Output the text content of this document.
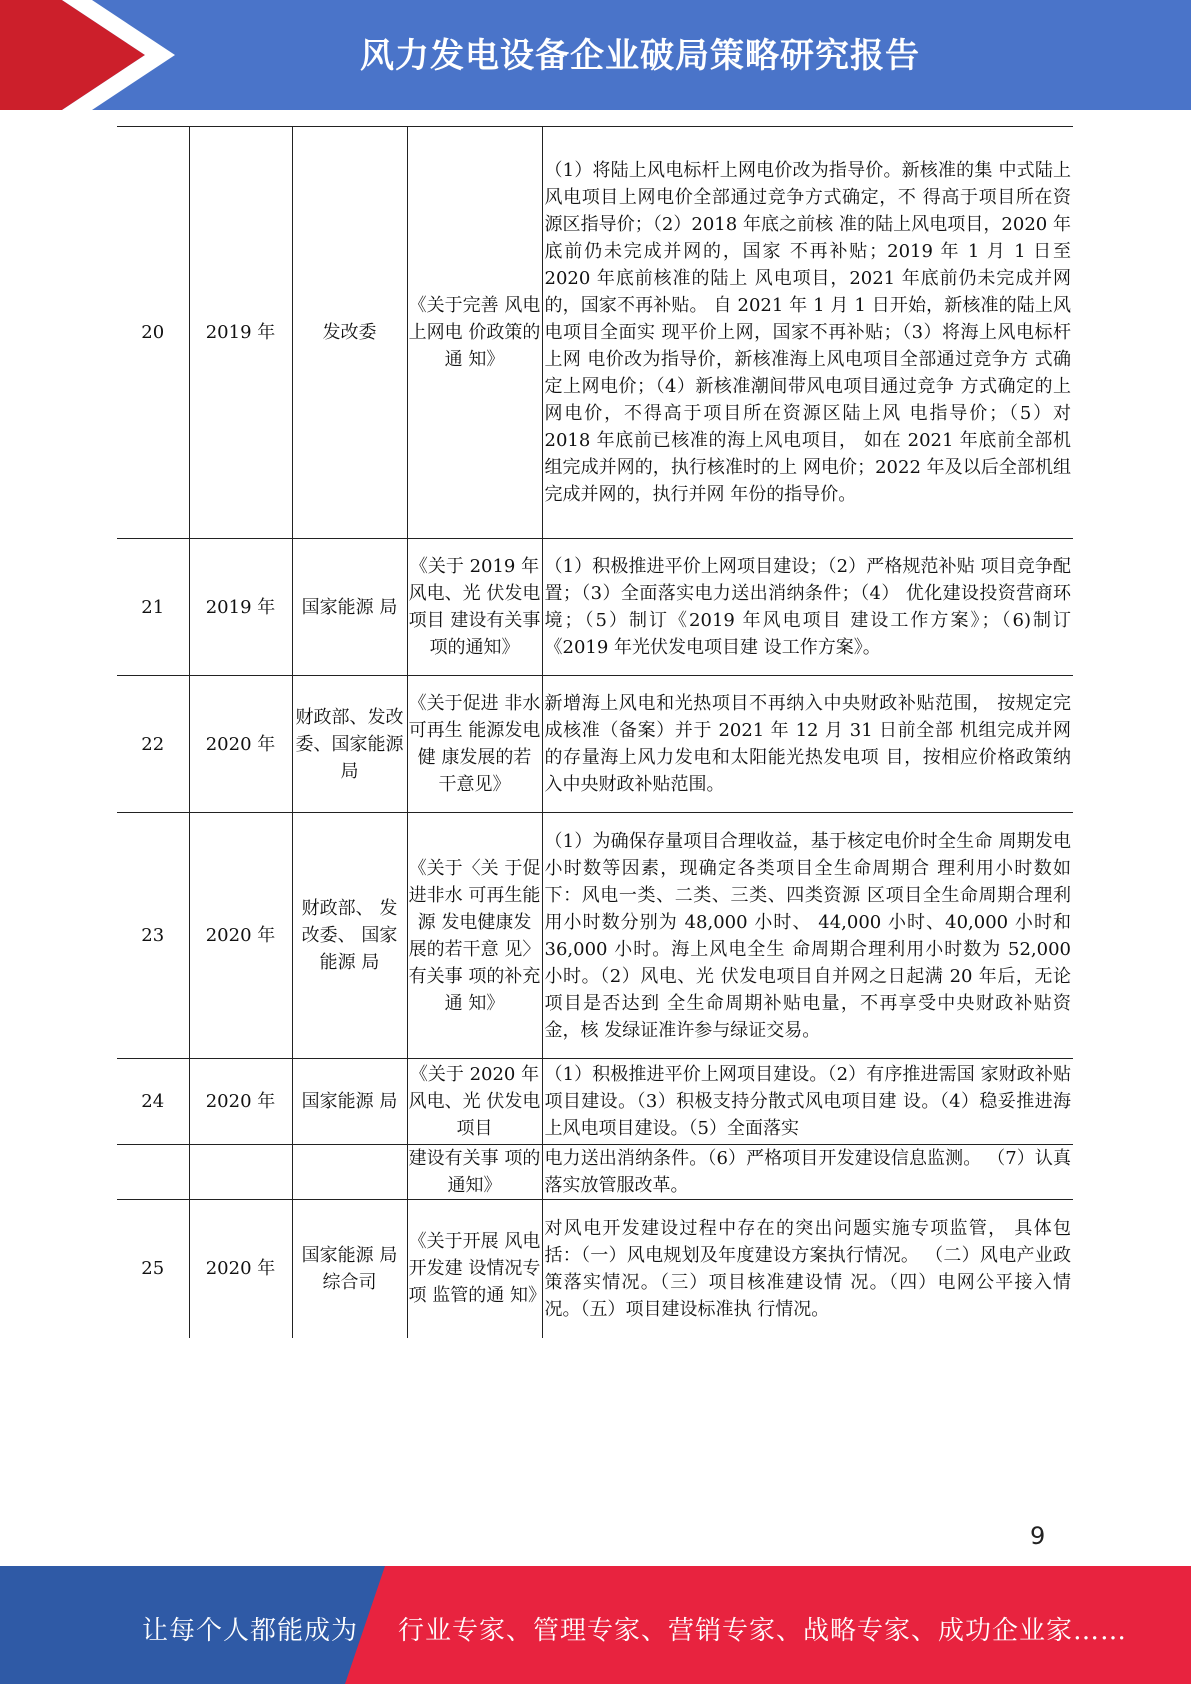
风力发电设备企业破局策略研究报告
20	2019 年	发改委	《关于完善 风电上网电 价政策的通 知》	（1）将陆上风电标杆上网电价改为指导价。新核准的集 中式陆上风电项目上网电价全部通过竞争方式确定，不 得高于项目所在资源区指导价；（2）2018 年底之前核 准的陆上风电项目，2020 年底前仍未完成并网的，国家 不再补贴；2019 年 1 月 1 日至 2020 年底前核准的陆上 风电项目，2021 年底前仍未完成并网的，国家不再补贴。 自 2021 年 1 月 1 日开始，新核准的陆上风电项目全面实 现平价上网，国家不再补贴；（3）将海上风电标杆上网 电价改为指导价，新核准海上风电项目全部通过竞争方 式确定上网电价；（4）新核准潮间带风电项目通过竞争 方式确定的上网电价，不得高于项目所在资源区陆上风 电指导价；（5）对 2018 年底前已核准的海上风电项目， 如在 2021 年底前全部机组完成并网的，执行核准时的上 网电价；2022 年及以后全部机组完成并网的，执行并网 年份的指导价。
21	2019 年	国家能源 局	《关于 2019 年风电、光 伏发电项目 建设有关事 项的通知》	（1）积极推进平价上网项目建设；（2）严格规范补贴 项目竞争配置；（3）全面落实电力送出消纳条件；（4） 优化建设投资营商环境；（5）制订《2019 年风电项目 建设工作方案》；（6)制订《2019 年光伏发电项目建 设工作方案》。
22	2020 年	财政部、发改委、国家能源局	《关于促进 非水可再生 能源发电健 康发展的若 干意见》	新增海上风电和光热项目不再纳入中央财政补贴范围， 按规定完成核准（备案）并于 2021 年 12 月 31 日前全部 机组完成并网的存量海上风力发电和太阳能光热发电项 目，按相应价格政策纳入中央财政补贴范围。
23	2020 年	财政部、 发改委、 国家能源 局	《关于〈关 于促进非水 可再生能源 发电健康发 展的若干意 见〉有关事 项的补充通 知》	（1）为确保存量项目合理收益，基于核定电价时全生命 周期发电小时数等因素，现确定各类项目全生命周期合 理利用小时数如下：风电一类、二类、三类、四类资源 区项目全生命周期合理利用小时数分别为 48,000 小时、 44,000 小时、40,000 小时和 36,000 小时。海上风电全生 命周期合理利用小时数为 52,000 小时。（2）风电、光 伏发电项目自并网之日起满 20 年后，无论项目是否达到 全生命周期补贴电量，不再享受中央财政补贴资金，核 发绿证准许参与绿证交易。
24	2020 年	国家能源 局	《关于 2020 年风电、光 伏发电项目	（1）积极推进平价上网项目建设。（2）有序推进需国 家财政补贴项目建设。（3）积极支持分散式风电项目建 设。（4）稳妥推进海上风电项目建设。（5）全面落实
			建设有关事 项的通知》	电力送出消纳条件。（6）严格项目开发建设信息监测。 （7）认真落实放管服改革。
25	2020 年	国家能源 局综合司	《关于开展 风电开发建 设情况专项 监管的通 知》	对风电开发建设过程中存在的突出问题实施专项监管， 具体包括：（一）风电规划及年度建设方案执行情况。 （二）风电产业政策落实情况。（三）项目核准建设情 况。（四）电网公平接入情况。（五）项目建设标准执 行情况。
9
让每个人都能成为 行业专家、管理专家、营销专家、战略专家、成功企业家……
